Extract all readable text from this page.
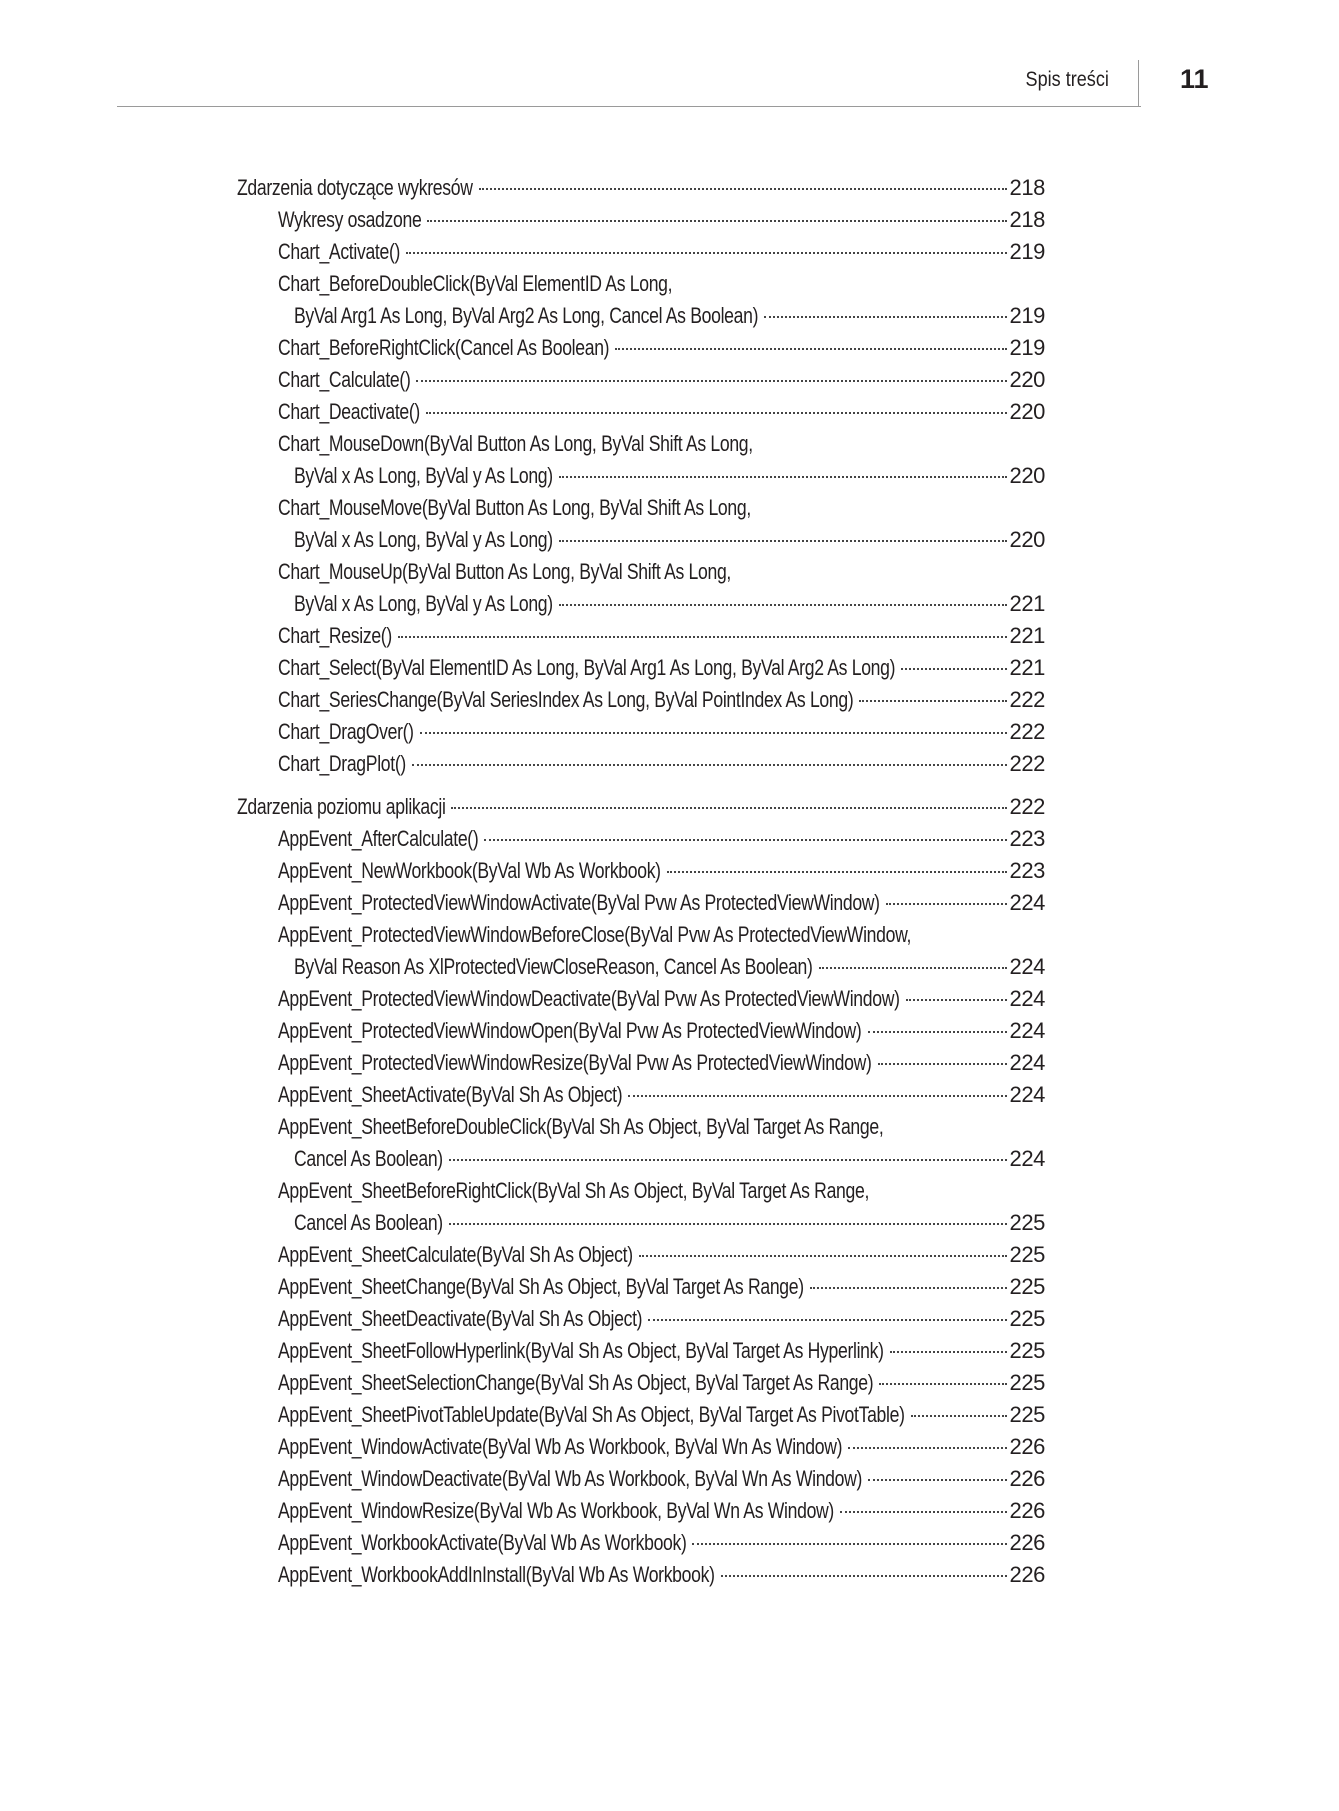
Spis treści	11
Zdarzenia dotyczące wykresów	218
Wykresy osadzone	218
Chart_Activate()	219
Chart_BeforeDoubleClick(ByVal ElementID As Long,
ByVal Arg1 As Long, ByVal Arg2 As Long, Cancel As Boolean)	219
Chart_BeforeRightClick(Cancel As Boolean)	219
Chart_Calculate()	220
Chart_Deactivate()	220
Chart_MouseDown(ByVal Button As Long, ByVal Shift As Long,
ByVal x As Long, ByVal y As Long)	220
Chart_MouseMove(ByVal Button As Long, ByVal Shift As Long,
ByVal x As Long, ByVal y As Long)	220
Chart_MouseUp(ByVal Button As Long, ByVal Shift As Long,
ByVal x As Long, ByVal y As Long)	221
Chart_Resize()	221
Chart_Select(ByVal ElementID As Long, ByVal Arg1 As Long, ByVal Arg2 As Long)	221
Chart_SeriesChange(ByVal SeriesIndex As Long, ByVal PointIndex As Long)	222
Chart_DragOver()	222
Chart_DragPlot()	222
Zdarzenia poziomu aplikacji	222
AppEvent_AfterCalculate()	223
AppEvent_NewWorkbook(ByVal Wb As Workbook)	223
AppEvent_ProtectedViewWindowActivate(ByVal Pvw As ProtectedViewWindow)	224
AppEvent_ProtectedViewWindowBeforeClose(ByVal Pvw As ProtectedViewWindow,
ByVal Reason As XlProtectedViewCloseReason, Cancel As Boolean)	224
AppEvent_ProtectedViewWindowDeactivate(ByVal Pvw As ProtectedViewWindow)	224
AppEvent_ProtectedViewWindowOpen(ByVal Pvw As ProtectedViewWindow)	224
AppEvent_ProtectedViewWindowResize(ByVal Pvw As ProtectedViewWindow)	224
AppEvent_SheetActivate(ByVal Sh As Object)	224
AppEvent_SheetBeforeDoubleClick(ByVal Sh As Object, ByVal Target As Range,
Cancel As Boolean)	224
AppEvent_SheetBeforeRightClick(ByVal Sh As Object, ByVal Target As Range,
Cancel As Boolean)	225
AppEvent_SheetCalculate(ByVal Sh As Object)	225
AppEvent_SheetChange(ByVal Sh As Object, ByVal Target As Range)	225
AppEvent_SheetDeactivate(ByVal Sh As Object)	225
AppEvent_SheetFollowHyperlink(ByVal Sh As Object, ByVal Target As Hyperlink)	225
AppEvent_SheetSelectionChange(ByVal Sh As Object, ByVal Target As Range)	225
AppEvent_SheetPivotTableUpdate(ByVal Sh As Object, ByVal Target As PivotTable)	225
AppEvent_WindowActivate(ByVal Wb As Workbook, ByVal Wn As Window)	226
AppEvent_WindowDeactivate(ByVal Wb As Workbook, ByVal Wn As Window)	226
AppEvent_WindowResize(ByVal Wb As Workbook, ByVal Wn As Window)	226
AppEvent_WorkbookActivate(ByVal Wb As Workbook)	226
AppEvent_WorkbookAddInInstall(ByVal Wb As Workbook)	226
